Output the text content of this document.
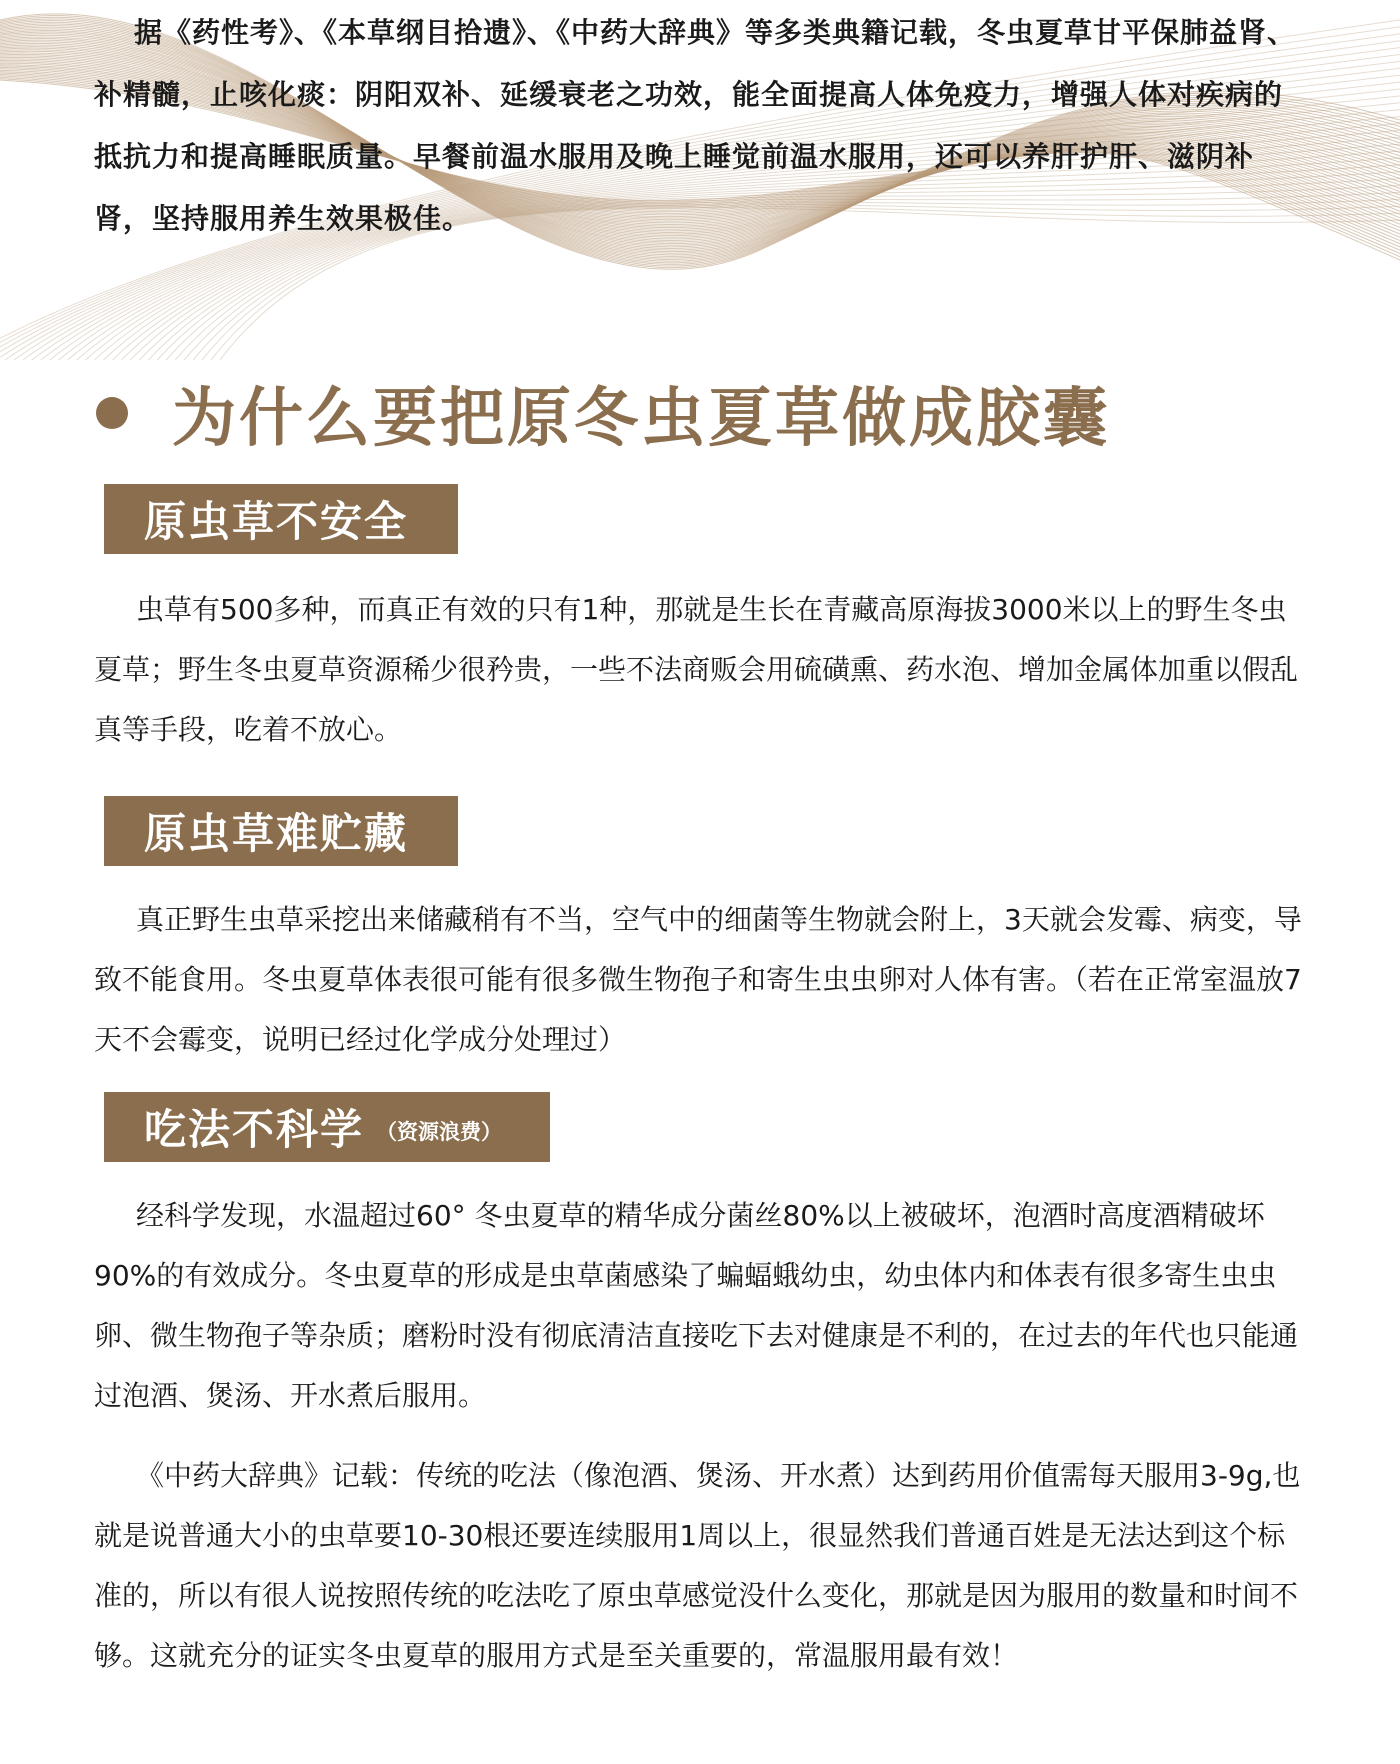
据《药性考》、《本草纲目拾遗》、《中药大辞典》等多类典籍记载，冬虫夏草甘平保肺益肾、补精髓，止咳化痰：阴阳双补、延缓衰老之功效，能全面提高人体免疫力，增强人体对疾病的抵抗力和提高睡眠质量。早餐前温水服用及晚上睡觉前温水服用，还可以养肝护肝、滋阴补肾，坚持服用养生效果极佳。

为什么要把原冬虫夏草做成胶囊
原虫草不安全

虫草有500多种，而真正有效的只有1种，那就是生长在青藏高原海拔3000米以上的野生冬虫夏草；野生冬虫夏草资源稀少很矜贵，一些不法商贩会用硫磺熏、药水泡、增加金属体加重以假乱真等手段，吃着不放心。

原虫草难贮藏

真正野生虫草采挖出来储藏稍有不当，空气中的细菌等生物就会附上，3天就会发霉、病变，导致不能食用。冬虫夏草体表很可能有很多微生物孢子和寄生虫虫卵对人体有害。（若在正常室温放7天不会霉变，说明已经过化学成分处理过）

吃法不科学 （资源浪费）

经科学发现，水温超过60° 冬虫夏草的精华成分菌丝80%以上被破坏，泡酒时高度酒精破坏90%的有效成分。冬虫夏草的形成是虫草菌感染了蝙蝠蛾幼虫，幼虫体内和体表有很多寄生虫虫卵、微生物孢子等杂质；磨粉时没有彻底清洁直接吃下去对健康是不利的，在过去的年代也只能通过泡酒、煲汤、开水煮后服用。

《中药大辞典》记载：传统的吃法（像泡酒、煲汤、开水煮）达到药用价值需每天服用3-9g,也就是说普通大小的虫草要10-30根还要连续服用1周以上，很显然我们普通百姓是无法达到这个标准的，所以有很人说按照传统的吃法吃了原虫草感觉没什么变化，那就是因为服用的数量和时间不够。这就充分的证实冬虫夏草的服用方式是至关重要的，常温服用最有效！
